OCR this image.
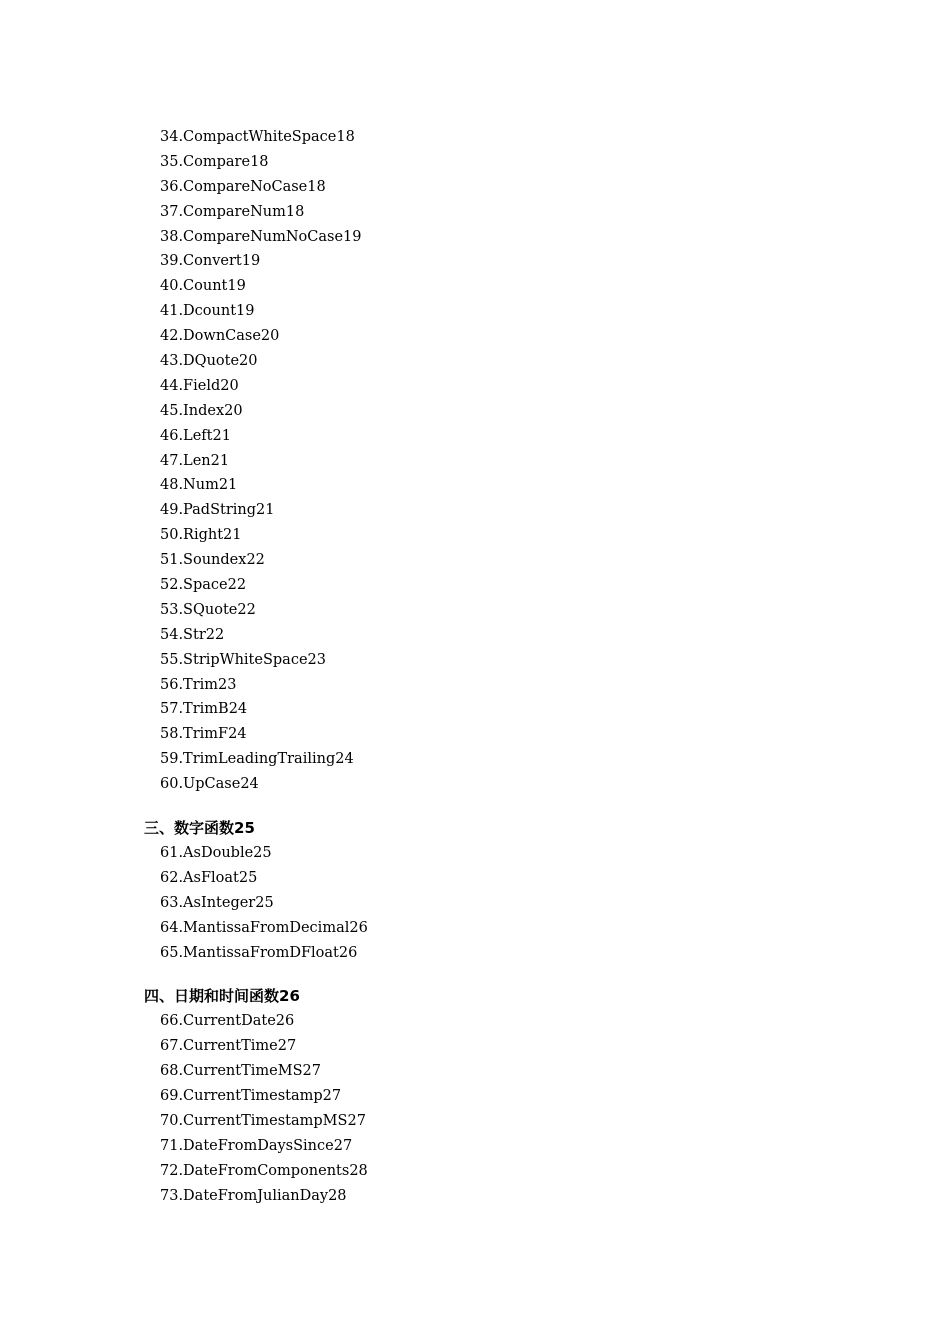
34.CompactWhiteSpace18
35.Compare18
36.CompareNoCase18
37.CompareNum18
38.CompareNumNoCase19
39.Convert19
40.Count19
41.Dcount19
42.DownCase20
43.DQuote20
44.Field20
45.Index20
46.Left21
47.Len21
48.Num21
49.PadString21
50.Right21
51.Soundex22
52.Space22
53.SQuote22
54.Str22
55.StripWhiteSpace23
56.Trim23
57.TrimB24
58.TrimF24
59.TrimLeadingTrailing24
60.UpCase24
三、数字函数25
61.AsDouble25
62.AsFloat25
63.AsInteger25
64.MantissaFromDecimal26
65.MantissaFromDFloat26
四、日期和时间函数26
66.CurrentDate26
67.CurrentTime27
68.CurrentTimeMS27
69.CurrentTimestamp27
70.CurrentTimestampMS27
71.DateFromDaysSince27
72.DateFromComponents28
73.DateFromJulianDay28
